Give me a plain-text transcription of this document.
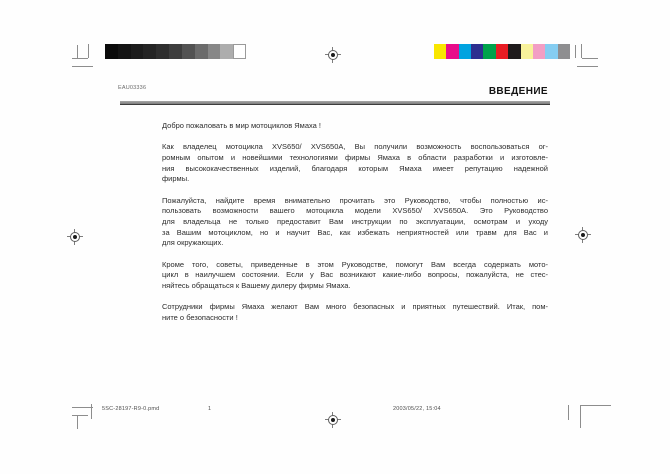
EAU03336	ВВЕДЕНИЕ
Добро пожаловать в мир мотоциклов Ямаха !
Как владелец мотоцикла XVS650/ XVS650A, Вы получили возможность воспользоваться ог-
ромным опытом и новейшими технологиями фирмы Ямаха в области разработки и изготовле-
ния высококачественных изделий, благодаря которым Ямаха имеет репутацию надежной
фирмы.
Пожалуйста, найдите время внимательно прочитать это Руководство, чтобы полностью ис-
пользовать возможности вашего мотоцикла модели XVS650/ XVS650A. Это Руководство
для владельца не только предоставит Вам инструкции по эксплуатации, осмотрам и уходу
за Вашим мотоциклом, но и научит Вас, как избежать неприятностей или травм для Вас и
для окружающих.
Кроме того, советы, приведенные в этом Руководстве, помогут Вам всегда содержать мото-
цикл в наилучшем состоянии. Если у Вас возникают какие-либо вопросы, пожалуйста, не стес-
няйтесь обращаться к Вашему дилеру фирмы Ямаха.
Сотрудники фирмы Ямаха желают Вам много безопасных и приятных путешествий. Итак, пом-
ните о безопасности !
5SC-28197-R9-0.pmd	1	2003/05/22, 15:04
